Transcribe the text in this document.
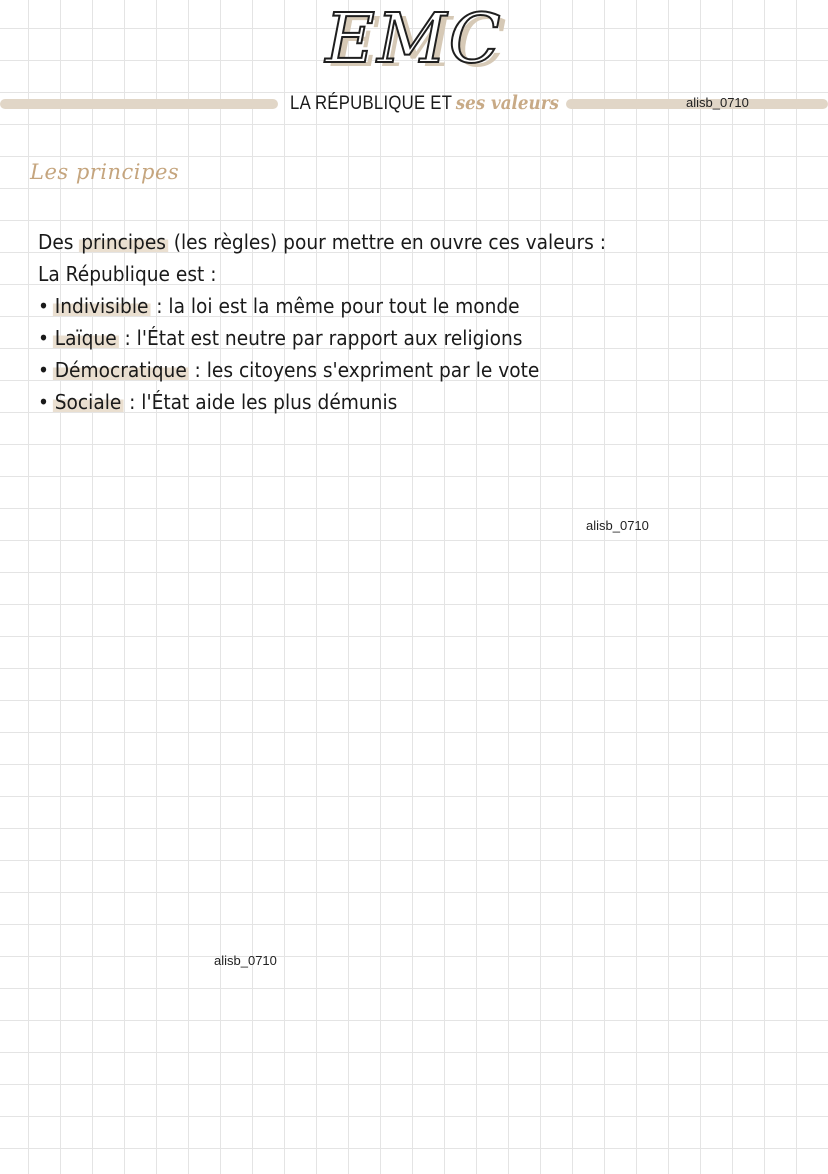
EMC
LA RÉPUBLIQUE ET ses valeurs	alisb_0710
Les principes
Des principes (les règles) pour mettre en ouvre ces valeurs :
La République est :
• Indivisible : la loi est la même pour tout le monde
• Laïque : l'État est neutre par rapport aux religions
• Démocratique : les citoyens s'expriment par le vote
• Sociale : l'État aide les plus démunis
alisb_0710
alisb_0710
